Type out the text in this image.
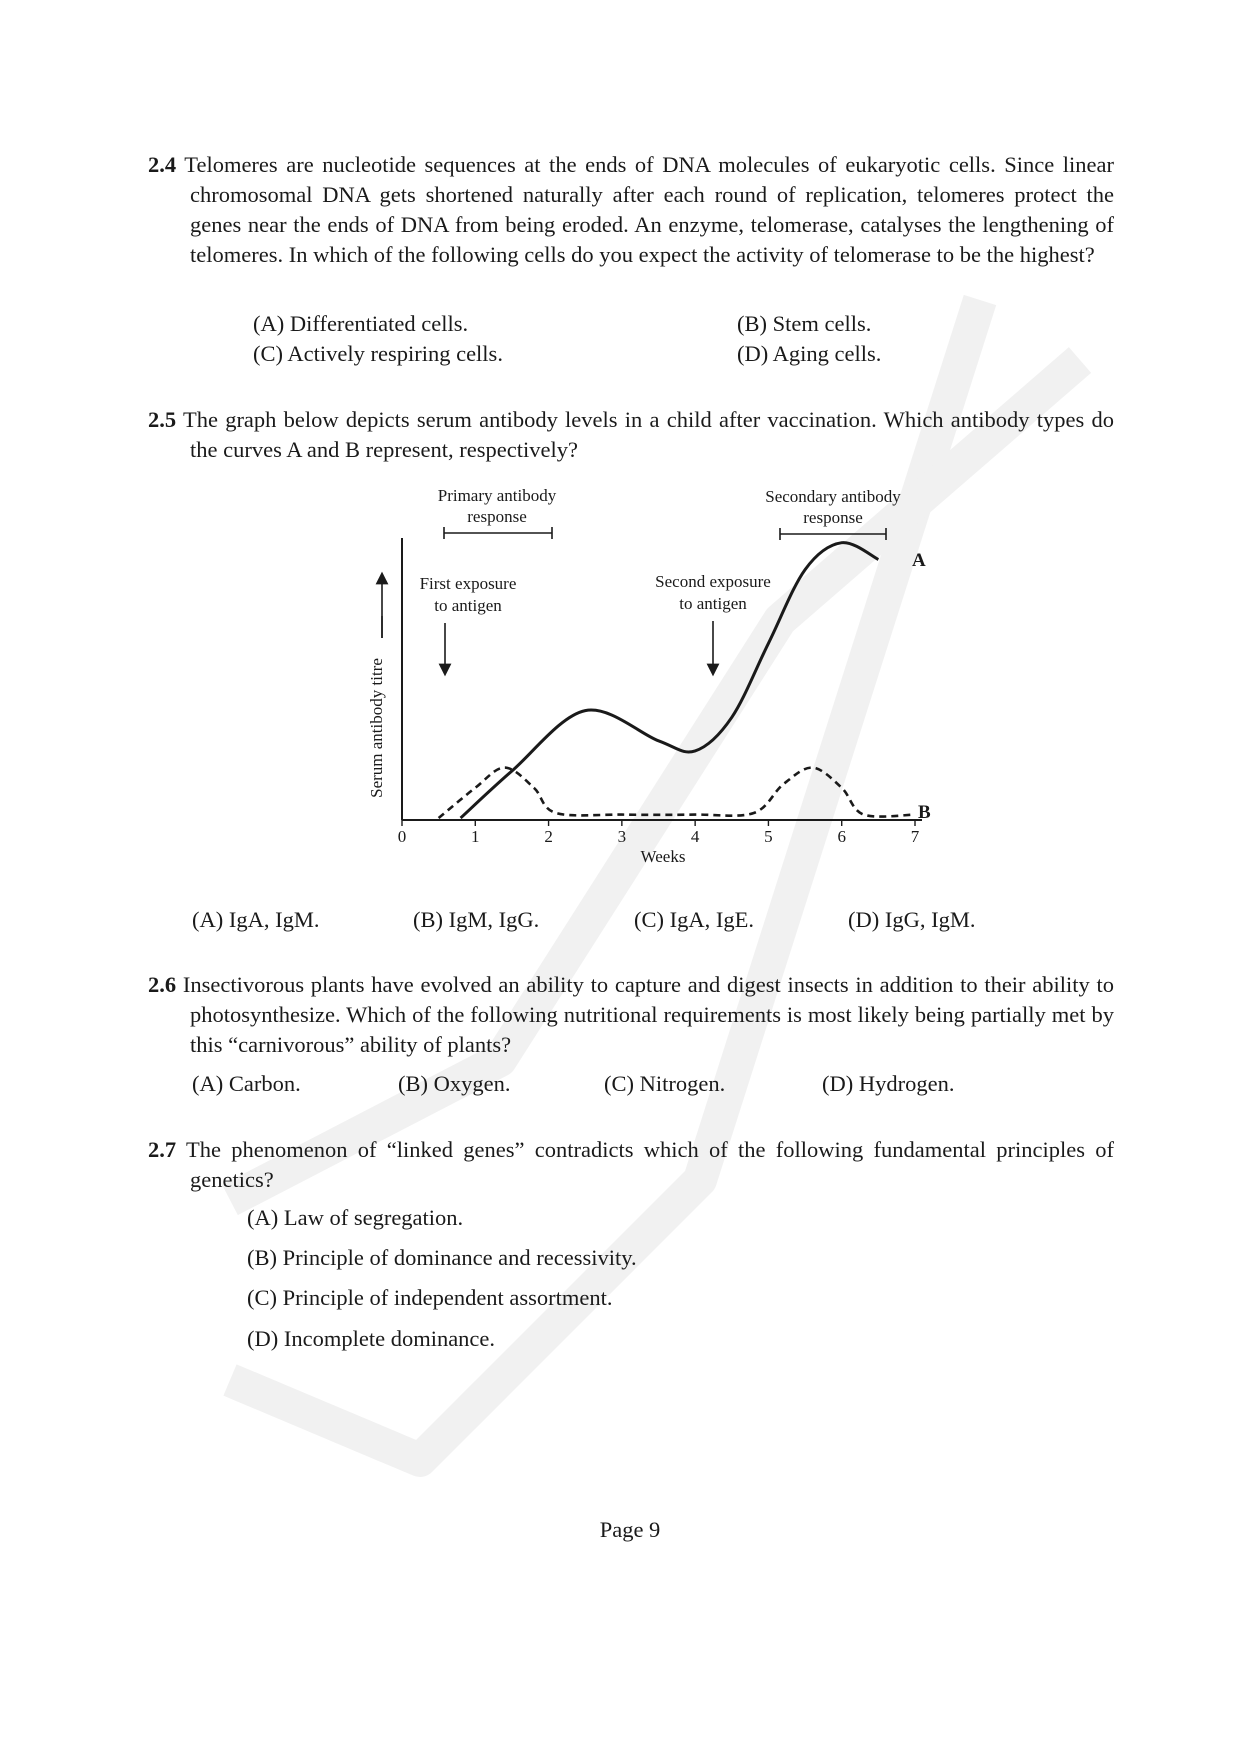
2.4 Telomeres are nucleotide sequences at the ends of DNA molecules of eukaryotic cells. Since linear chromosomal DNA gets shortened naturally after each round of replication, telomeres protect the genes near the ends of DNA from being eroded. An enzyme, telomerase, catalyses the lengthening of telomeres. In which of the following cells do you expect the activity of telomerase to be the highest?

(A) Differentiated cells.	(B) Stem cells.
(C) Actively respiring cells.	(D) Aging cells.

2.5 The graph below depicts serum antibody levels in a child after vaccination. Which antibody types do the curves A and B represent, respectively?

0	1	2	3	4	5	6	7
Weeks
Serum antibody titre
A
B
Primary antibody
response
Secondary antibody
response
First exposure
to antigen
Second exposure
to antigen
(A) IgA, IgM.	(B) IgM, IgG.	(C) IgA, IgE.	(D) IgG, IgM.

2.6 Insectivorous plants have evolved an ability to capture and digest insects in addition to their ability to photosynthesize. Which of the following nutritional requirements is most likely being partially met by this “carnivorous” ability of plants?

(A) Carbon.	(B) Oxygen.	(C) Nitrogen.	(D) Hydrogen.

2.7 The phenomenon of “linked genes” contradicts which of the following fundamental principles of genetics?

(A) Law of segregation.
(B) Principle of dominance and recessivity.
(C) Principle of independent assortment.
(D) Incomplete dominance.
Page 9
